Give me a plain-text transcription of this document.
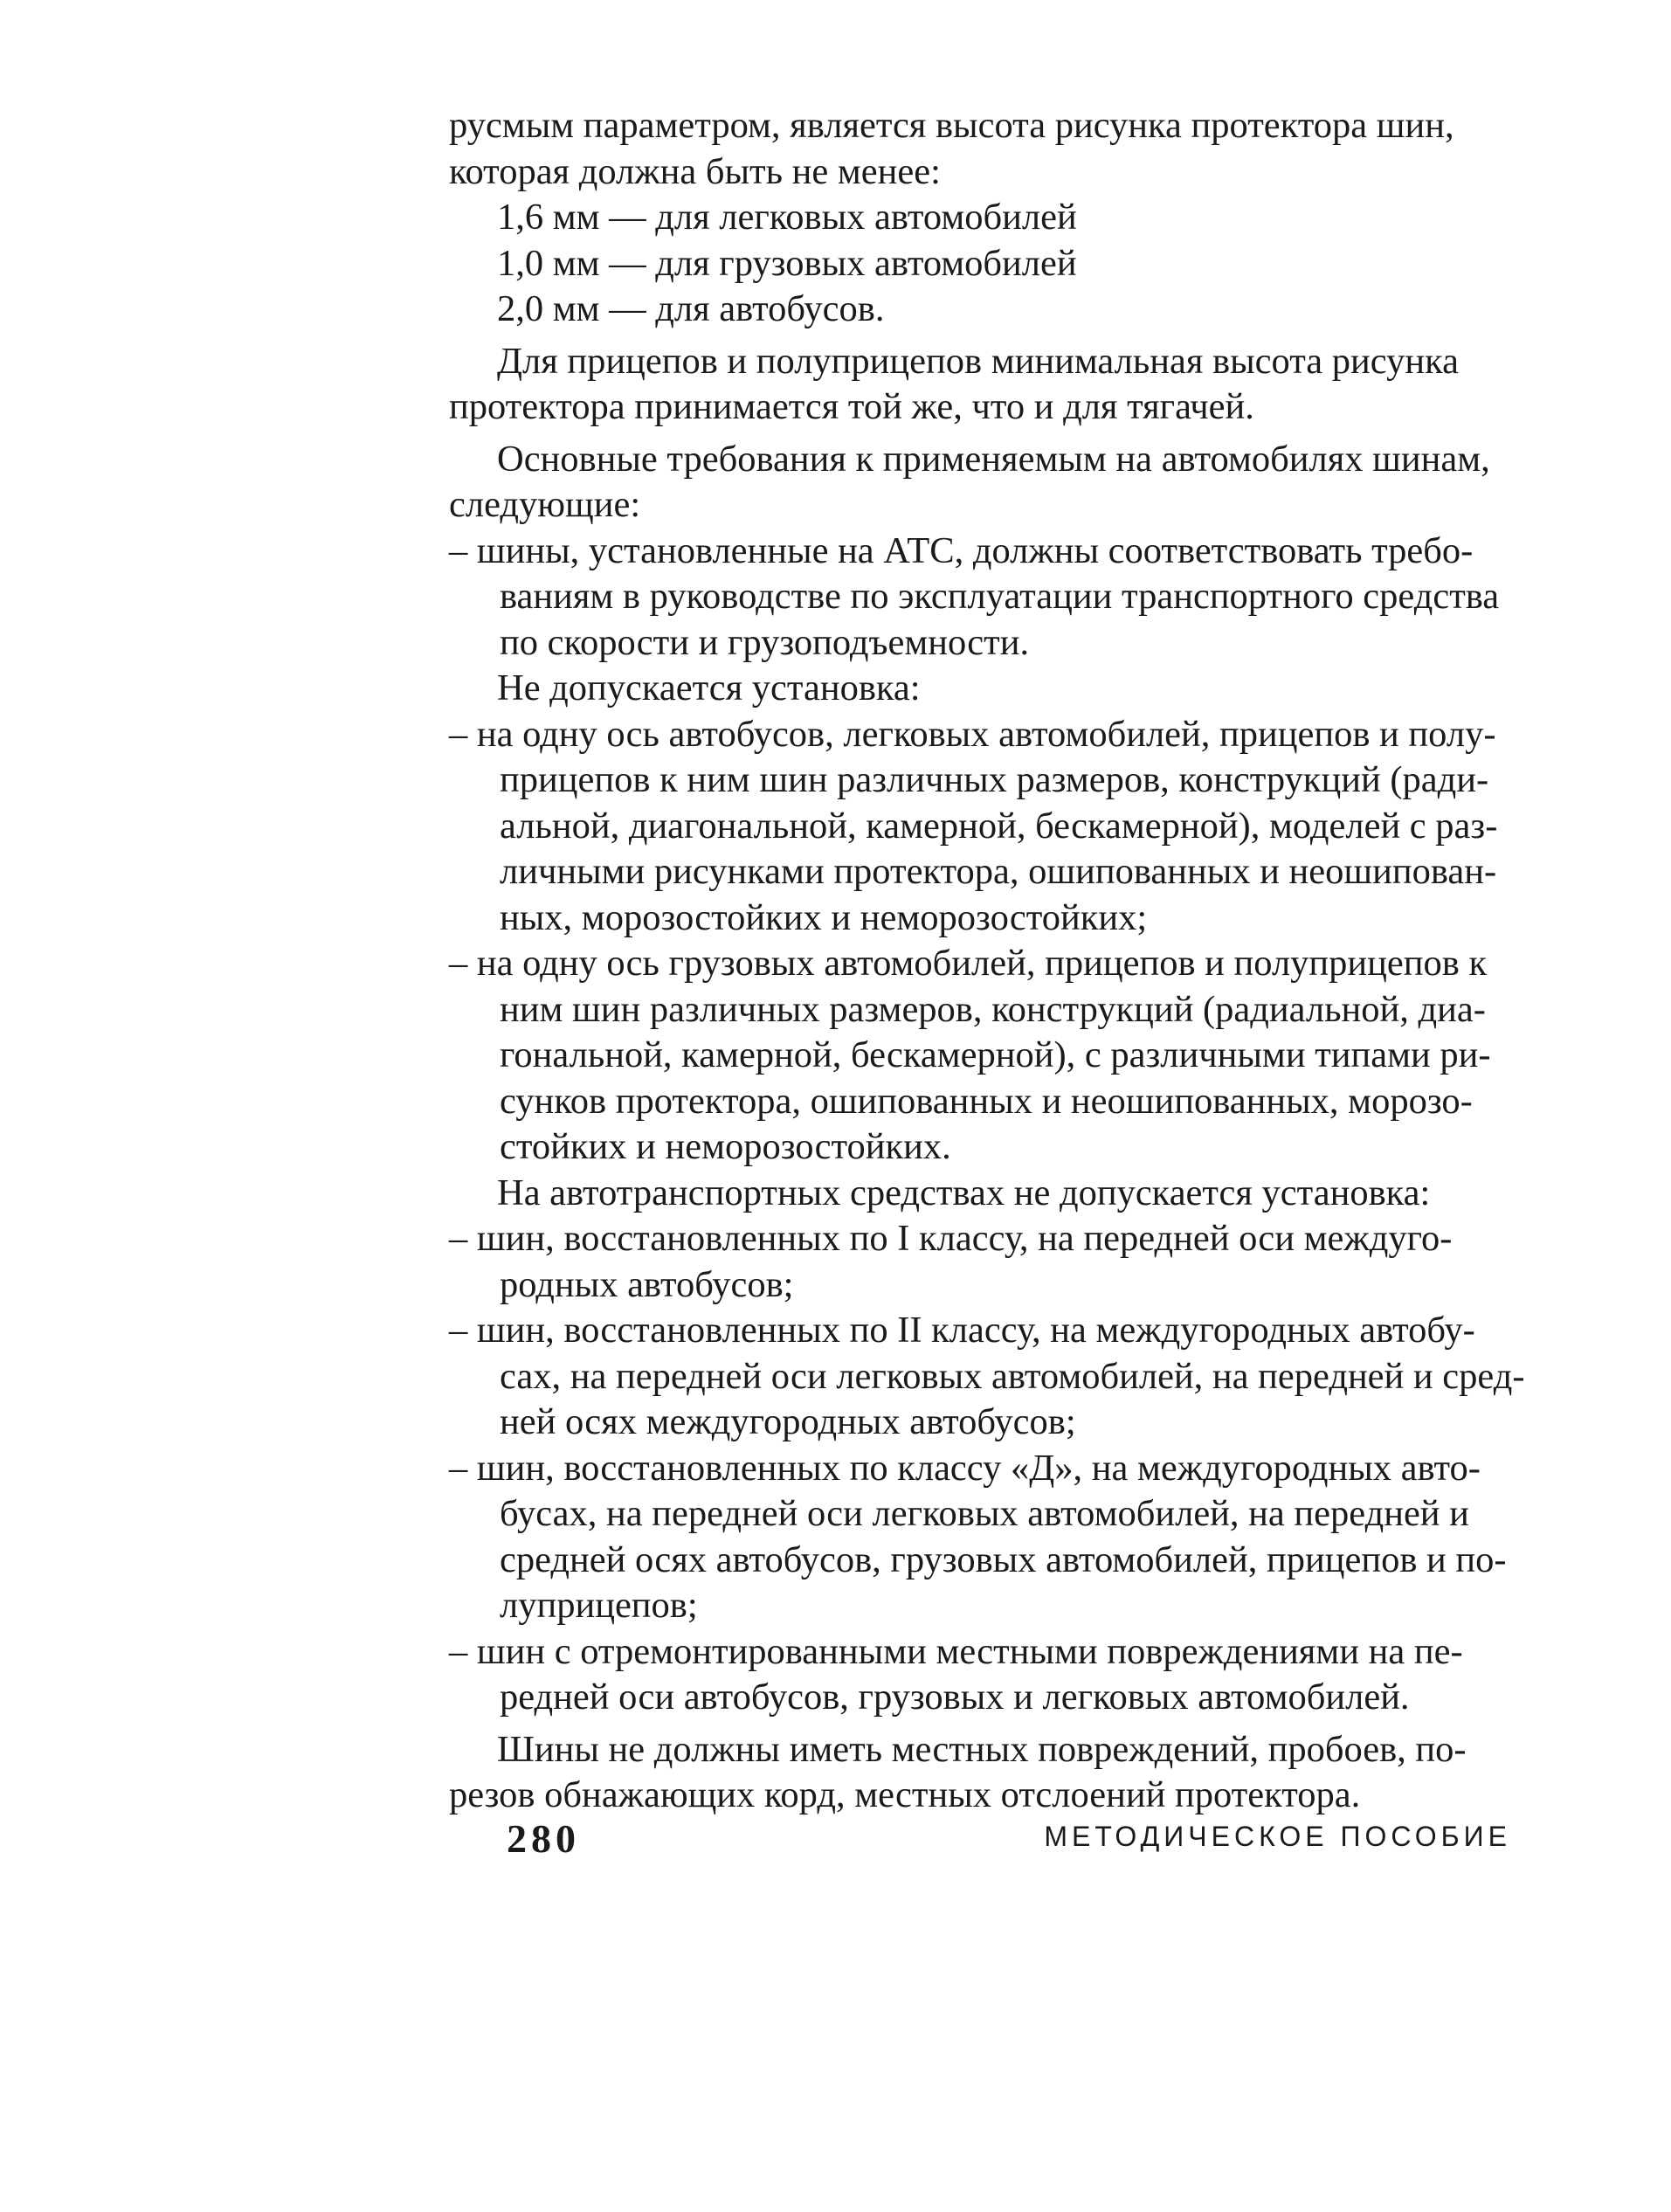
русмым параметром, является высота рисунка протектора шин,
которая должна быть не менее:
1,6 мм — для легковых автомобилей
1,0 мм — для грузовых автомобилей
2,0 мм — для автобусов.
Для прицепов и полуприцепов минимальная высота рисунка
протектора принимается той же, что и для тягачей.
Основные требования к применяемым на автомобилях шинам,
следующие:
– шины, установленные на АТС, должны соответствовать требо-
ваниям в руководстве по эксплуатации транспортного средства
по скорости и грузоподъемности.
Не допускается установка:
– на одну ось автобусов, легковых автомобилей, прицепов и полу-
прицепов к ним шин различных размеров, конструкций (ради-
альной, диагональной, камерной, бескамерной), моделей с раз-
личными рисунками протектора, ошипованных и неошипован-
ных, морозостойких и неморозостойких;
– на одну ось грузовых автомобилей, прицепов и полуприцепов к
ним шин различных размеров, конструкций (радиальной, диа-
гональной, камерной, бескамерной), с различными типами ри-
сунков протектора, ошипованных и неошипованных, морозо-
стойких и неморозостойких.
На автотранспортных средствах не допускается установка:
– шин, восстановленных по I классу, на передней оси междуго-
родных автобусов;
– шин, восстановленных по II классу, на междугородных автобу-
сах, на передней оси легковых автомобилей, на передней и сред-
ней осях междугородных автобусов;
– шин, восстановленных по классу «Д», на междугородных авто-
бусах, на передней оси легковых автомобилей, на передней и
средней осях автобусов, грузовых автомобилей, прицепов и по-
луприцепов;
– шин с отремонтированными местными повреждениями на пе-
редней оси автобусов, грузовых и легковых автомобилей.
Шины не должны иметь местных повреждений, пробоев, по-
резов обнажающих корд, местных отслоений протектора.
280	МЕТОДИЧЕСКОЕ ПОСОБИЕ
